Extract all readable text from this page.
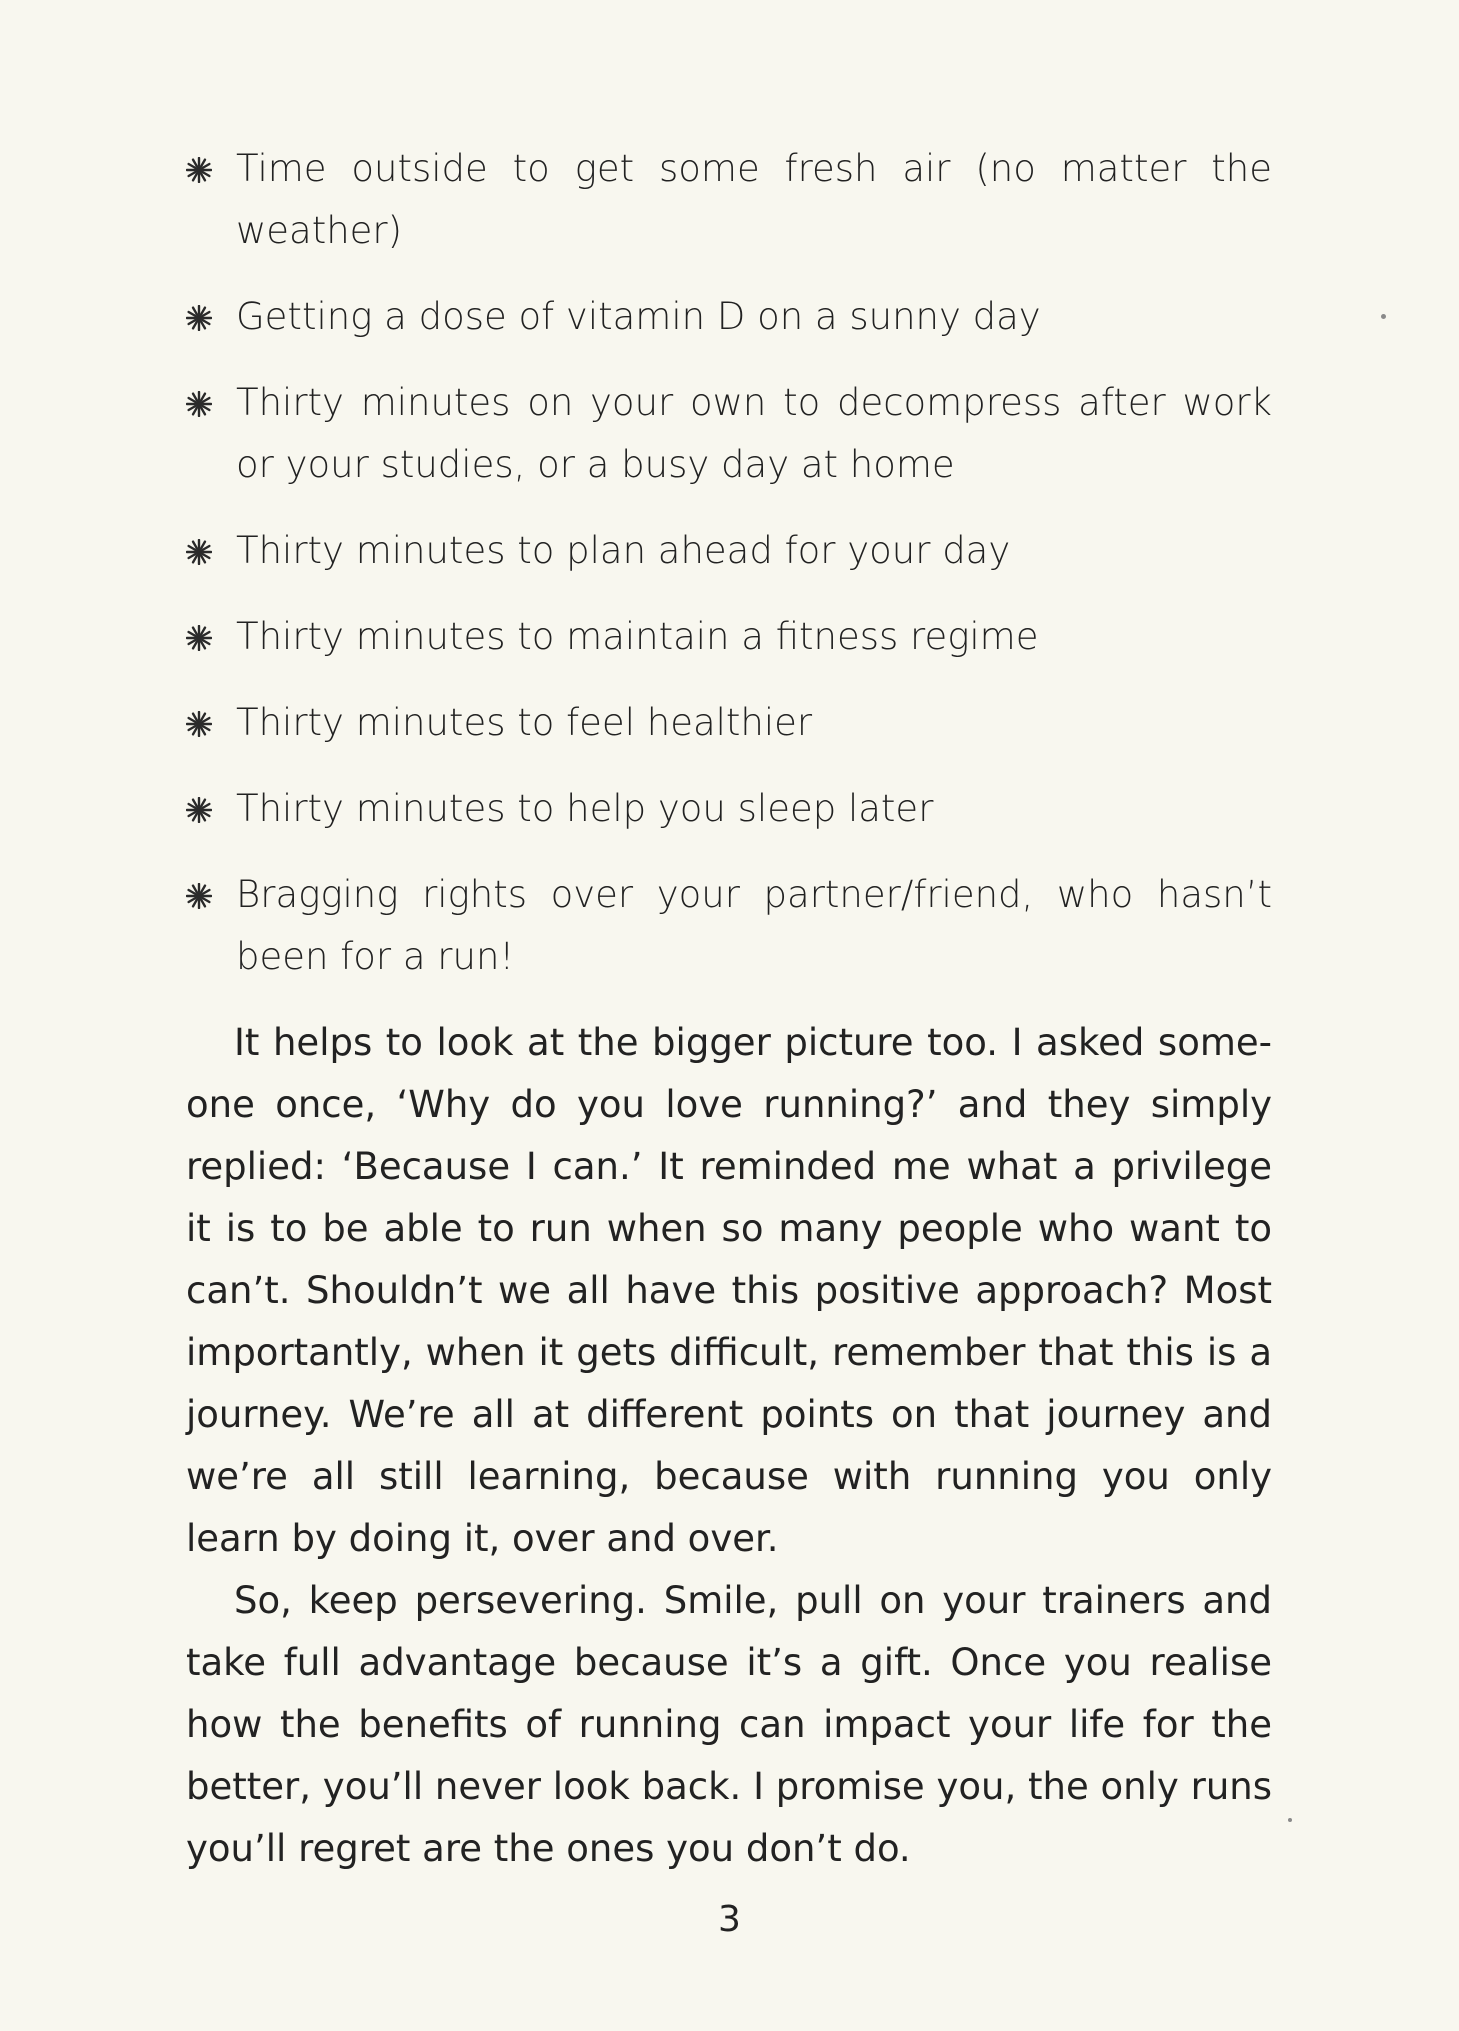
Time outside to get some fresh air (no matter the weather)
Getting a dose of vitamin D on a sunny day
Thirty minutes on your own to decompress after work or your studies, or a busy day at home
Thirty minutes to plan ahead for your day
Thirty minutes to maintain a fitness regime
Thirty minutes to feel healthier
Thirty minutes to help you sleep later
Bragging rights over your partner/friend, who hasn’t been for a run!

It helps to look at the bigger picture too. I asked some-one once, ‘Why do you love running?’ and they simply replied: ‘Because I can.’ It reminded me what a privilege it is to be able to run when so many people who want to can’t. Shouldn’t we all have this positive approach? Most importantly, when it gets difficult, remember that this is a journey. We’re all at different points on that journey and we’re all still learning, because with running you only learn by doing it, over and over.

So, keep persevering. Smile, pull on your trainers and take full advantage because it’s a gift. Once you realise how the benefits of running can impact your life for the better, you’ll never look back. I promise you, the only runs you’ll regret are the ones you don’t do.

3
